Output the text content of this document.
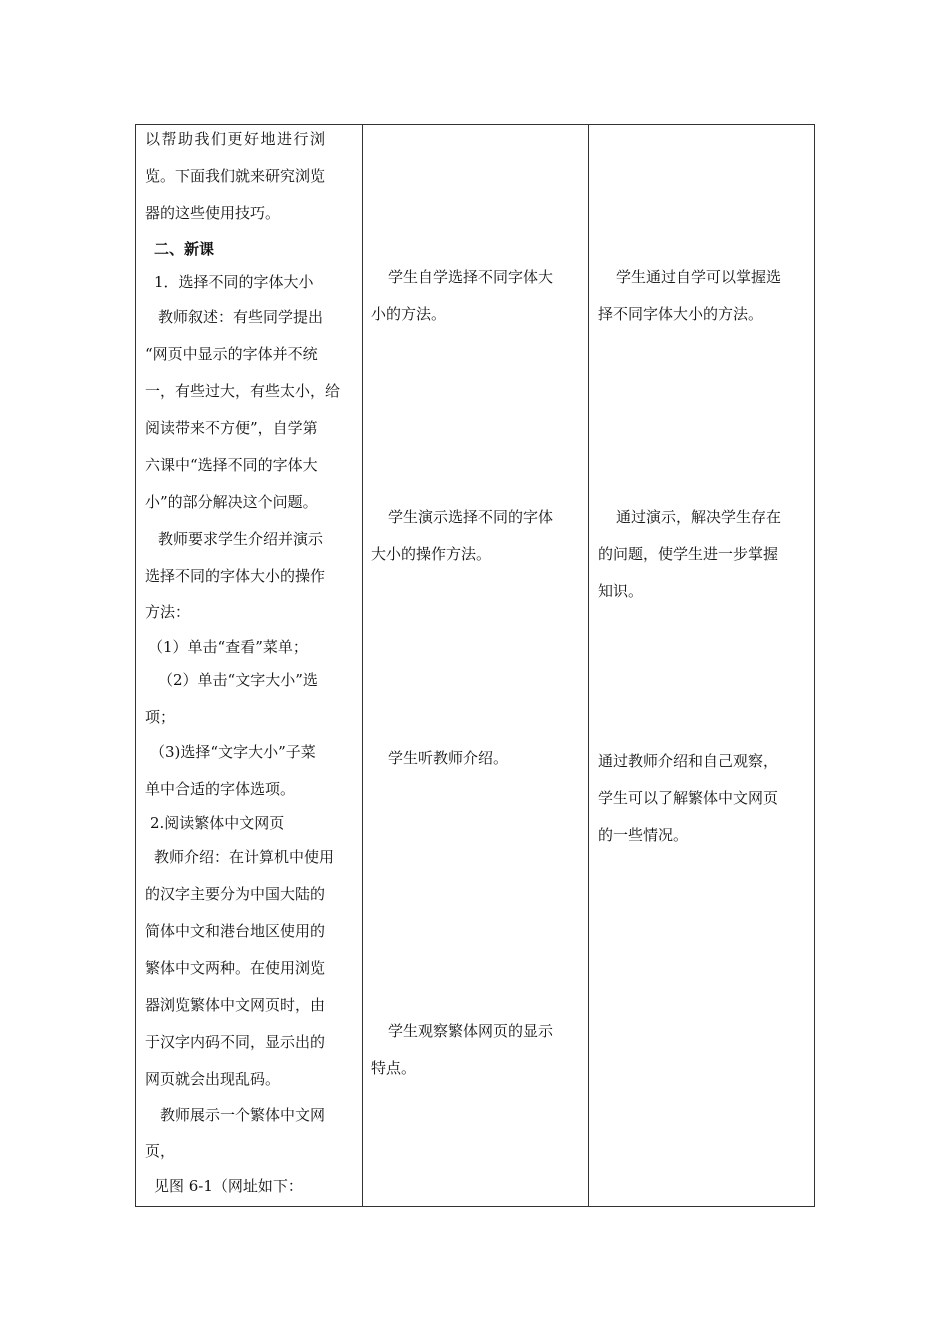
以帮助我们更好地进行浏
览。下面我们就来研究浏览
器的这些使用技巧。
二、新课
1．选择不同的字体大小
教师叙述：有些同学提出
“网页中显示的字体并不统
一，有些过大，有些太小，给
阅读带来不方便”，自学第
六课中“选择不同的字体大
小”的部分解决这个问题。
教师要求学生介绍并演示
选择不同的字体大小的操作
方法：
（1）单击“查看”菜单；
（2）单击“文字大小”选
项；
（3)选择“文字大小”子菜
单中合适的字体选项。
2.阅读繁体中文网页
教师介绍：在计算机中使用
的汉字主要分为中国大陆的
简体中文和港台地区使用的
繁体中文两种。在使用浏览
器浏览繁体中文网页时，由
于汉字内码不同，显示出的
网页就会出现乱码。
教师展示一个繁体中文网
页，
见图 6-1（网址如下：
学生自学选择不同字体大
小的方法。
学生演示选择不同的字体
大小的操作方法。
学生听教师介绍。
学生观察繁体网页的显示
特点。
学生通过自学可以掌握选
择不同字体大小的方法。
通过演示，解决学生存在
的问题，使学生进一步掌握
知识。
通过教师介绍和自己观察，
学生可以了解繁体中文网页
的一些情况。
